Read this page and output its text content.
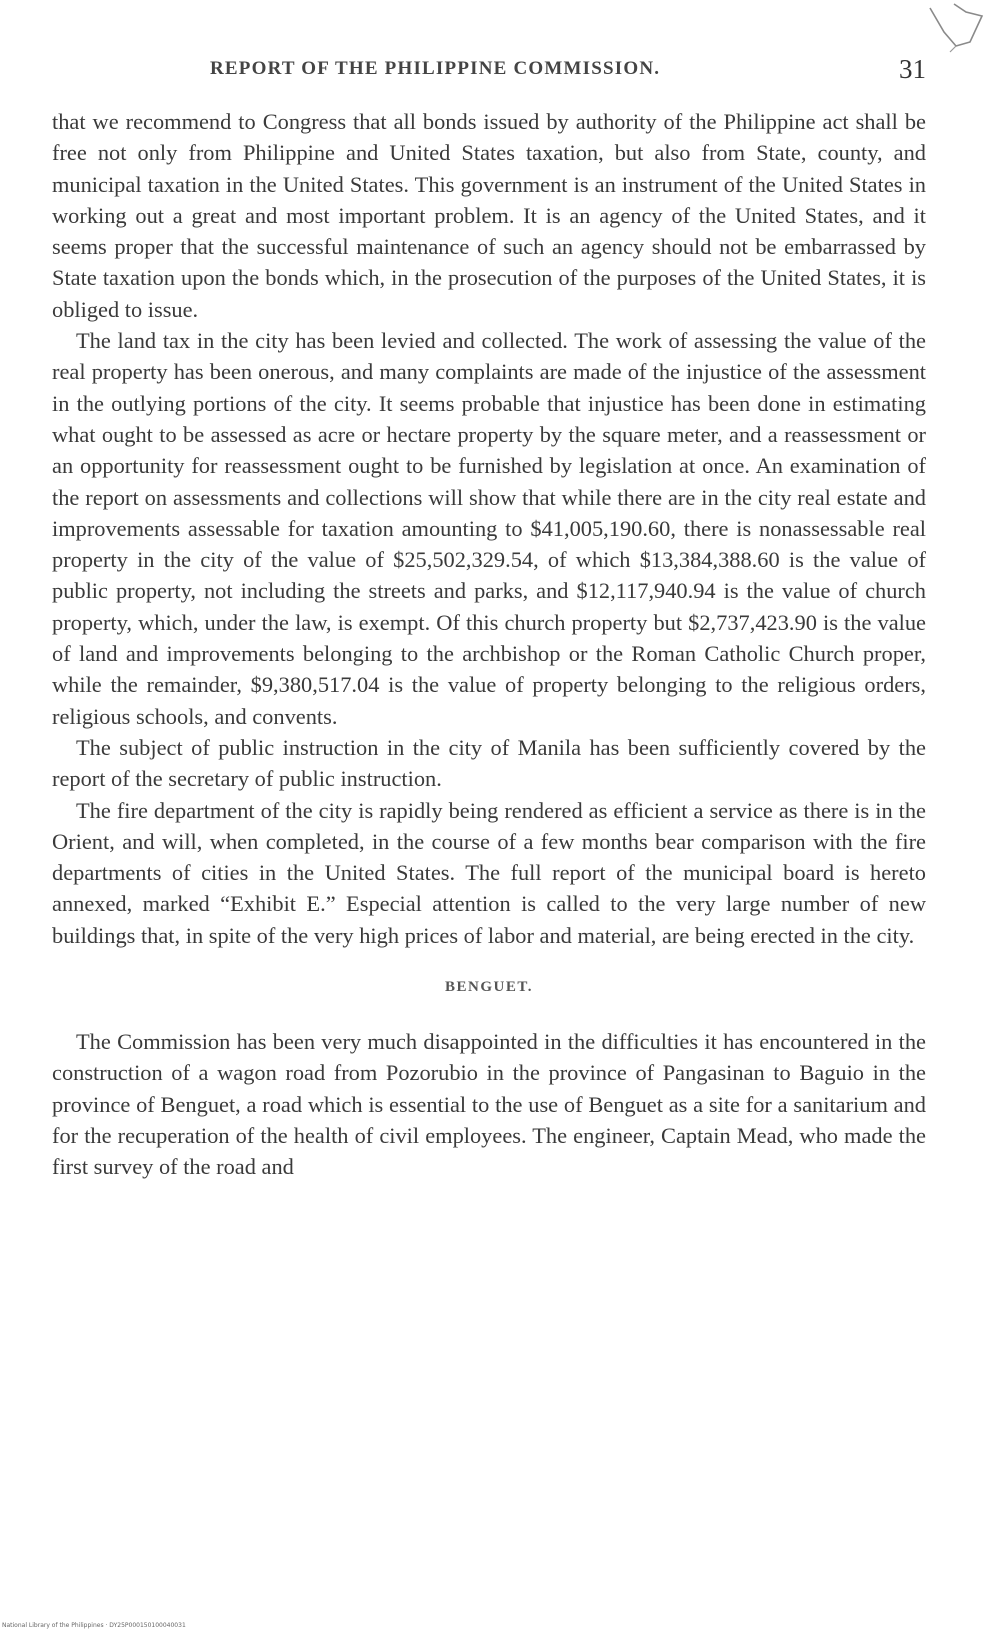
REPORT OF THE PHILIPPINE COMMISSION.	31

that we recommend to Congress that all bonds issued by authority of the Philippine act shall be free not only from Philippine and United States taxation, but also from State, county, and municipal taxation in the United States. This government is an instrument of the United States in working out a great and most important problem. It is an agency of the United States, and it seems proper that the successful maintenance of such an agency should not be embarrassed by State taxation upon the bonds which, in the prosecution of the purposes of the United States, it is obliged to issue.

The land tax in the city has been levied and collected. The work of assessing the value of the real property has been onerous, and many complaints are made of the injustice of the assessment in the outlying portions of the city. It seems probable that injustice has been done in estimating what ought to be assessed as acre or hectare property by the square meter, and a reassessment or an opportunity for reassessment ought to be furnished by legislation at once. An examination of the report on assessments and collections will show that while there are in the city real estate and improvements assessable for taxation amounting to $41,005,190.60, there is nonassessable real property in the city of the value of $25,502,329.54, of which $13,384,388.60 is the value of public property, not including the streets and parks, and $12,117,940.94 is the value of church property, which, under the law, is exempt. Of this church property but $2,737,423.90 is the value of land and improvements belonging to the archbishop or the Roman Catholic Church proper, while the remainder, $9,380,517.04 is the value of property belonging to the religious orders, religious schools, and convents.

The subject of public instruction in the city of Manila has been sufficiently covered by the report of the secretary of public instruction.

The fire department of the city is rapidly being rendered as efficient a service as there is in the Orient, and will, when completed, in the course of a few months bear comparison with the fire departments of cities in the United States. The full report of the municipal board is hereto annexed, marked “Exhibit E.” Especial attention is called to the very large number of new buildings that, in spite of the very high prices of labor and material, are being erected in the city.

BENGUET.

The Commission has been very much disappointed in the difficulties it has encountered in the construction of a wagon road from Pozorubio in the province of Pangasinan to Baguio in the province of Benguet, a road which is essential to the use of Benguet as a site for a sanitarium and for the recuperation of the health of civil employees. The engineer, Captain Mead, who made the first survey of the road and

National Library of the Philippines · DY25P000150100040031
